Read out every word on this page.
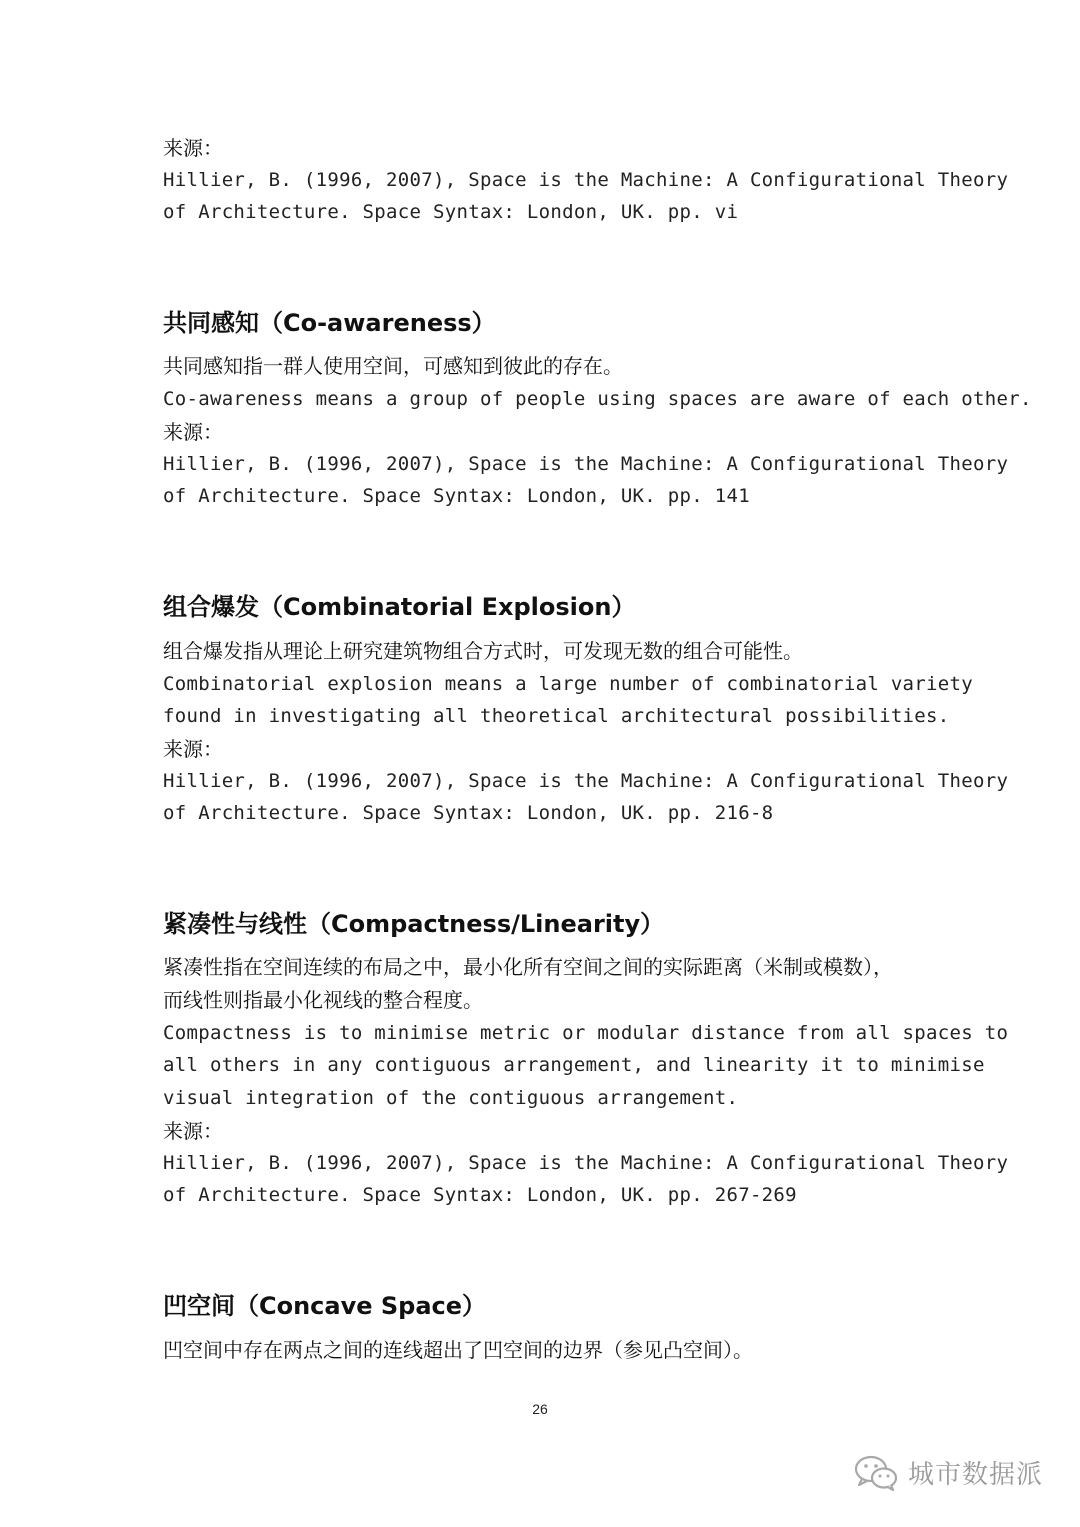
来源：
Hillier, B. (1996, 2007), Space is the Machine: A Configurational Theory
of Architecture. Space Syntax: London, UK. pp. vi
共同感知（Co-awareness）
共同感知指一群人使用空间，可感知到彼此的存在。
Co-awareness means a group of people using spaces are aware of each other.
来源：
Hillier, B. (1996, 2007), Space is the Machine: A Configurational Theory
of Architecture. Space Syntax: London, UK. pp. 141
组合爆发（Combinatorial Explosion）
组合爆发指从理论上研究建筑物组合方式时，可发现无数的组合可能性。
Combinatorial explosion means a large number of combinatorial variety
found in investigating all theoretical architectural possibilities.
来源：
Hillier, B. (1996, 2007), Space is the Machine: A Configurational Theory
of Architecture. Space Syntax: London, UK. pp. 216-8
紧凑性与线性（Compactness/Linearity）
紧凑性指在空间连续的布局之中，最小化所有空间之间的实际距离（米制或模数），
而线性则指最小化视线的整合程度。
Compactness is to minimise metric or modular distance from all spaces to
all others in any contiguous arrangement, and linearity it to minimise
visual integration of the contiguous arrangement.
来源：
Hillier, B. (1996, 2007), Space is the Machine: A Configurational Theory
of Architecture. Space Syntax: London, UK. pp. 267-269
凹空间（Concave Space）
凹空间中存在两点之间的连线超出了凹空间的边界（参见凸空间）。
26
城市数据派
